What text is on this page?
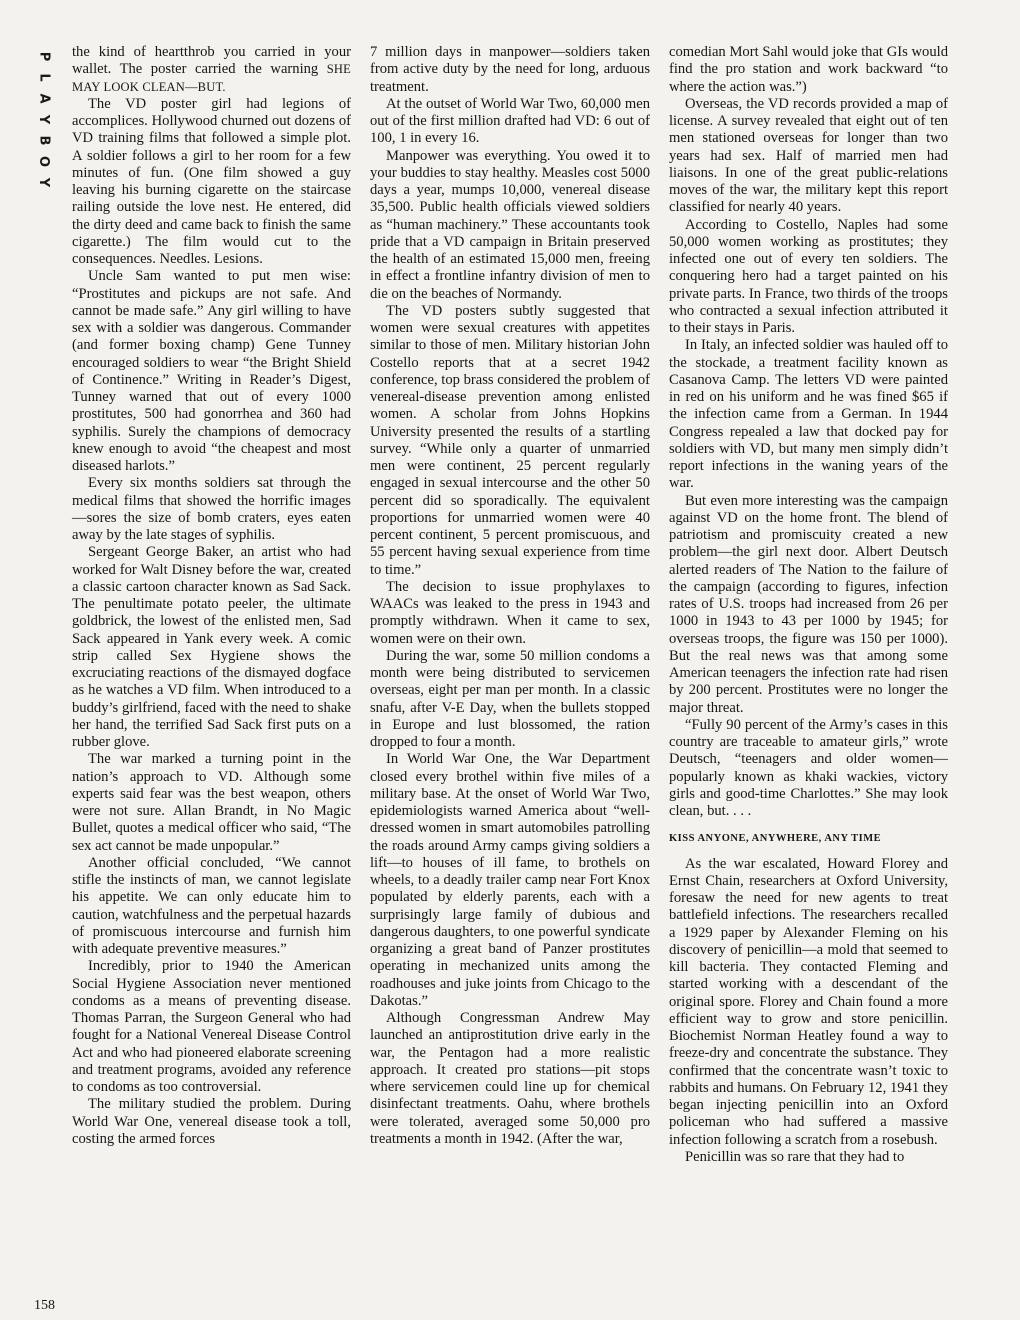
P
L
A
Y
B
O
Y

the kind of heartthrob you carried in your wallet. The poster carried the warning SHE MAY LOOK CLEAN—BUT.

The VD poster girl had legions of accomplices. Hollywood churned out dozens of VD training films that followed a simple plot. A soldier follows a girl to her room for a few minutes of fun. (One film showed a guy leaving his burning cigarette on the staircase railing outside the love nest. He entered, did the dirty deed and came back to finish the same cigarette.) The film would cut to the consequences. Needles. Lesions.

Uncle Sam wanted to put men wise: “Prostitutes and pickups are not safe. And cannot be made safe.” Any girl willing to have sex with a soldier was dangerous. Commander (and former boxing champ) Gene Tunney encouraged soldiers to wear “the Bright Shield of Continence.” Writing in Reader’s Digest, Tunney warned that out of every 1000 prostitutes, 500 had gonorrhea and 360 had syphilis. Surely the champions of democracy knew enough to avoid “the cheapest and most diseased harlots.”

Every six months soldiers sat through the medical films that showed the horrific images—sores the size of bomb craters, eyes eaten away by the late stages of syphilis.

Sergeant George Baker, an artist who had worked for Walt Disney before the war, created a classic cartoon character known as Sad Sack. The penultimate potato peeler, the ultimate goldbrick, the lowest of the enlisted men, Sad Sack appeared in Yank every week. A comic strip called Sex Hygiene shows the excruciating reactions of the dismayed dogface as he watches a VD film. When introduced to a buddy’s girlfriend, faced with the need to shake her hand, the terrified Sad Sack first puts on a rubber glove.

The war marked a turning point in the nation’s approach to VD. Although some experts said fear was the best weapon, others were not sure. Allan Brandt, in No Magic Bullet, quotes a medical officer who said, “The sex act cannot be made unpopular.”

Another official concluded, “We cannot stifle the instincts of man, we cannot legislate his appetite. We can only educate him to caution, watchfulness and the perpetual hazards of promiscuous intercourse and furnish him with adequate preventive measures.”

Incredibly, prior to 1940 the American Social Hygiene Association never mentioned condoms as a means of preventing disease. Thomas Parran, the Surgeon General who had fought for a National Venereal Disease Control Act and who had pioneered elaborate screening and treatment programs, avoided any reference to condoms as too controversial.

The military studied the problem. During World War One, venereal disease took a toll, costing the armed forces

7 million days in manpower—soldiers taken from active duty by the need for long, arduous treatment.

At the outset of World War Two, 60,000 men out of the first million drafted had VD: 6 out of 100, 1 in every 16.

Manpower was everything. You owed it to your buddies to stay healthy. Measles cost 5000 days a year, mumps 10,000, venereal disease 35,500. Public health officials viewed soldiers as “human machinery.” These accountants took pride that a VD campaign in Britain preserved the health of an estimated 15,000 men, freeing in effect a frontline infantry division of men to die on the beaches of Normandy.

The VD posters subtly suggested that women were sexual creatures with appetites similar to those of men. Military historian John Costello reports that at a secret 1942 conference, top brass considered the problem of venereal-disease prevention among enlisted women. A scholar from Johns Hopkins University presented the results of a startling survey. “While only a quarter of unmarried men were continent, 25 percent regularly engaged in sexual intercourse and the other 50 percent did so sporadically. The equivalent proportions for unmarried women were 40 percent continent, 5 percent promiscuous, and 55 percent having sexual experience from time to time.”

The decision to issue prophylaxes to WAACs was leaked to the press in 1943 and promptly withdrawn. When it came to sex, women were on their own.

During the war, some 50 million condoms a month were being distributed to servicemen overseas, eight per man per month. In a classic snafu, after V-E Day, when the bullets stopped in Europe and lust blossomed, the ration dropped to four a month.

In World War One, the War Department closed every brothel within five miles of a military base. At the onset of World War Two, epidemiologists warned America about “well-dressed women in smart automobiles patrolling the roads around Army camps giving soldiers a lift—to houses of ill fame, to brothels on wheels, to a deadly trailer camp near Fort Knox populated by elderly parents, each with a surprisingly large family of dubious and dangerous daughters, to one powerful syndicate organizing a great band of Panzer prostitutes operating in mechanized units among the roadhouses and juke joints from Chicago to the Dakotas.”

Although Congressman Andrew May launched an antiprostitution drive early in the war, the Pentagon had a more realistic approach. It created pro stations—pit stops where servicemen could line up for chemical disinfectant treatments. Oahu, where brothels were tolerated, averaged some 50,000 pro treatments a month in 1942. (After the war,

comedian Mort Sahl would joke that GIs would find the pro station and work backward “to where the action was.”)

Overseas, the VD records provided a map of license. A survey revealed that eight out of ten men stationed overseas for longer than two years had sex. Half of married men had liaisons. In one of the great public-relations moves of the war, the military kept this report classified for nearly 40 years.

According to Costello, Naples had some 50,000 women working as prostitutes; they infected one out of every ten soldiers. The conquering hero had a target painted on his private parts. In France, two thirds of the troops who contracted a sexual infection attributed it to their stays in Paris.

In Italy, an infected soldier was hauled off to the stockade, a treatment facility known as Casanova Camp. The letters VD were painted in red on his uniform and he was fined $65 if the infection came from a German. In 1944 Congress repealed a law that docked pay for soldiers with VD, but many men simply didn’t report infections in the waning years of the war.

But even more interesting was the campaign against VD on the home front. The blend of patriotism and promiscuity created a new problem—the girl next door. Albert Deutsch alerted readers of The Nation to the failure of the campaign (according to figures, infection rates of U.S. troops had increased from 26 per 1000 in 1943 to 43 per 1000 by 1945; for overseas troops, the figure was 150 per 1000). But the real news was that among some American teenagers the infection rate had risen by 200 percent. Prostitutes were no longer the major threat.

“Fully 90 percent of the Army’s cases in this country are traceable to amateur girls,” wrote Deutsch, “teenagers and older women—popularly known as khaki wackies, victory girls and good-time Charlottes.” She may look clean, but. . . .

KISS ANYONE, ANYWHERE, ANY TIME

As the war escalated, Howard Florey and Ernst Chain, researchers at Oxford University, foresaw the need for new agents to treat battlefield infections. The researchers recalled a 1929 paper by Alexander Fleming on his discovery of penicillin—a mold that seemed to kill bacteria. They contacted Fleming and started working with a descendant of the original spore. Florey and Chain found a more efficient way to grow and store penicillin. Biochemist Norman Heatley found a way to freeze-dry and concentrate the substance. They confirmed that the concentrate wasn’t toxic to rabbits and humans. On February 12, 1941 they began injecting penicillin into an Oxford policeman who had suffered a massive infection following a scratch from a rosebush.

Penicillin was so rare that they had to

158
